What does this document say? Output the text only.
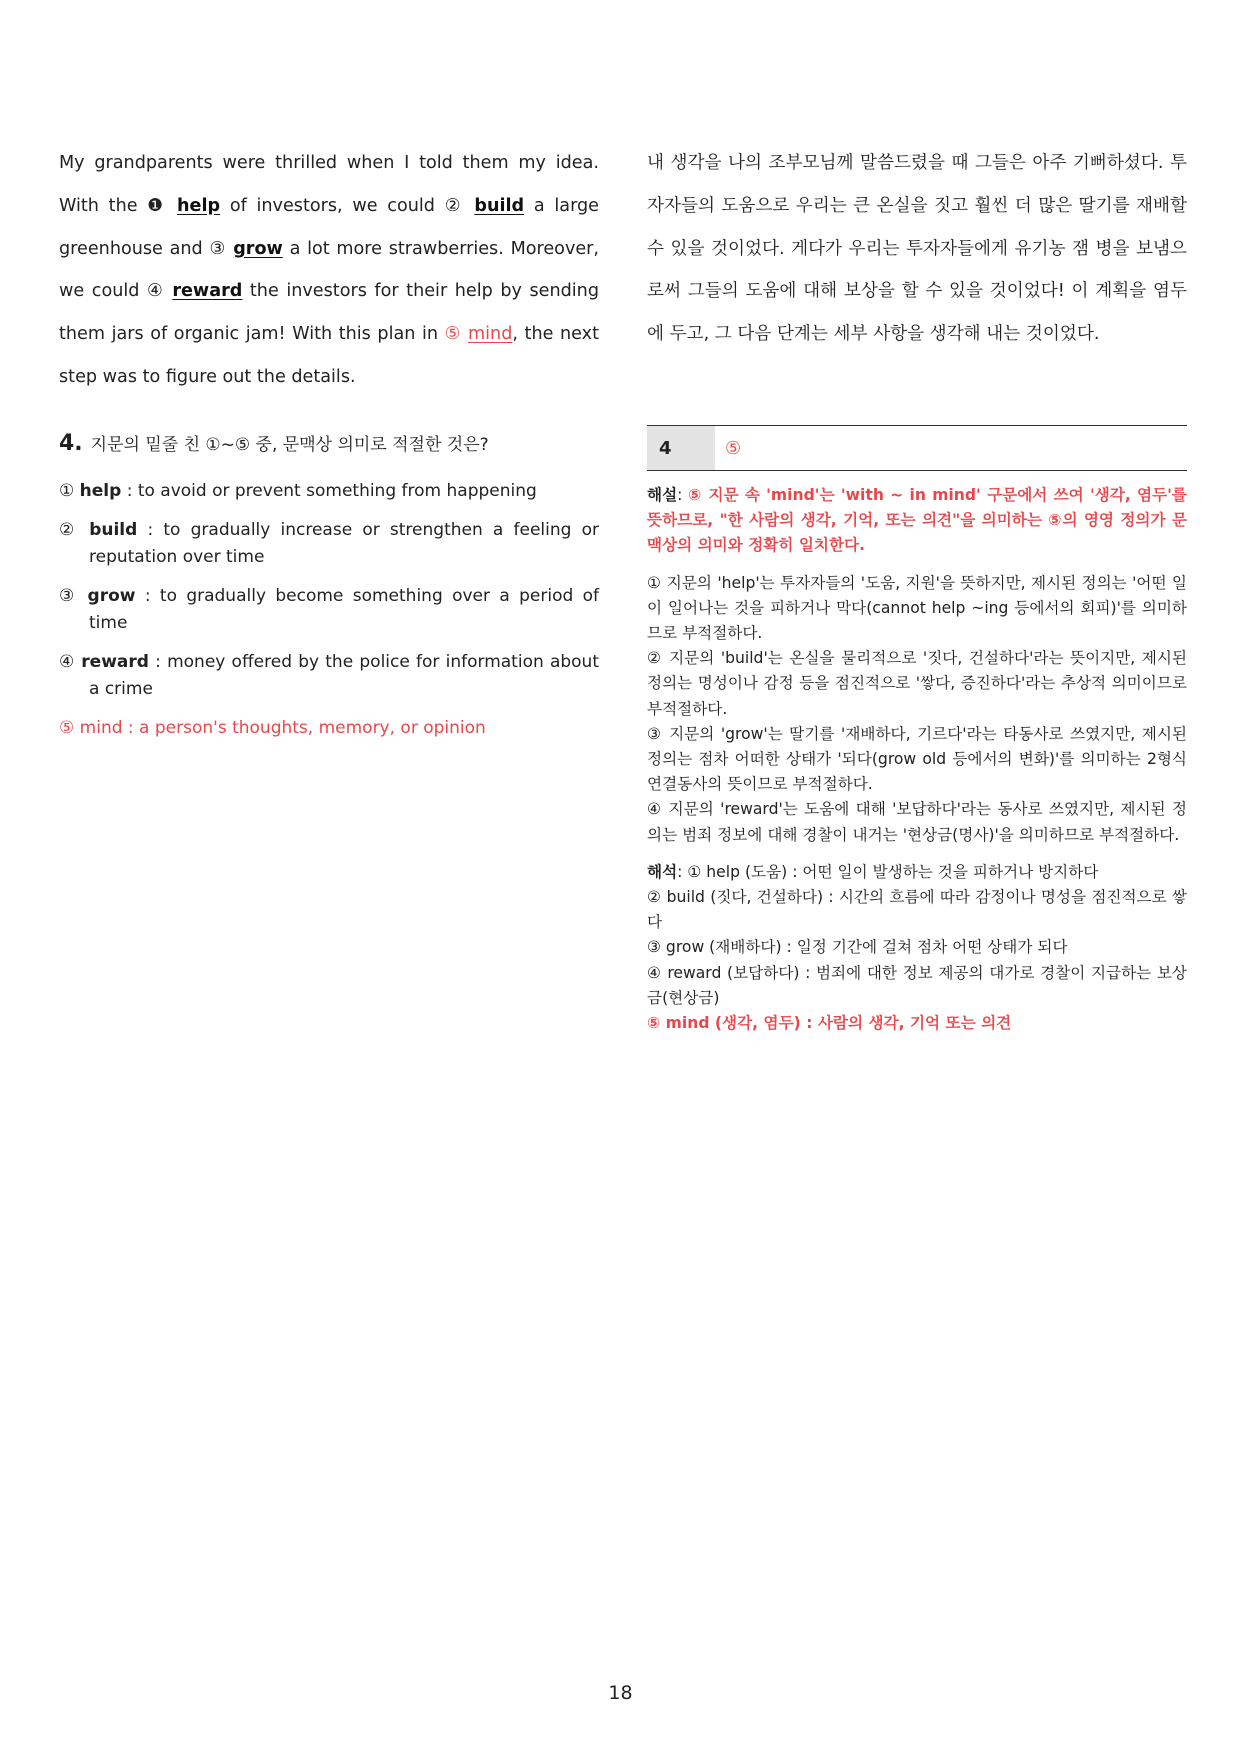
My grandparents were thrilled when I told them my idea. With the ❶ help of investors, we could ② build a large greenhouse and ③ grow a lot more strawberries. Moreover, we could ④ reward the investors for their help by sending them jars of organic jam! With this plan in ⑤ mind, the next step was to figure out the details.

내 생각을 나의 조부모님께 말씀드렸을 때 그들은 아주 기뻐하셨다. 투자자들의 도움으로 우리는 큰 온실을 짓고 훨씬 더 많은 딸기를 재배할 수 있을 것이었다. 게다가 우리는 투자자들에게 유기농 잼 병을 보냄으로써 그들의 도움에 대해 보상을 할 수 있을 것이었다! 이 계획을 염두에 두고, 그 다음 단계는 세부 사항을 생각해 내는 것이었다.

4. 지문의 밑줄 친 ①~⑤ 중, 문맥상 의미로 적절한 것은?

① help : to avoid or prevent something from happening

② build : to gradually increase or strengthen a feeling or reputation over time

③ grow : to gradually become something over a period of time

④ reward : money offered by the police for information about a crime

⑤ mind : a person's thoughts, memory, or opinion

4	⑤

해설: ⑤ 지문 속 'mind'는 'with ~ in mind' 구문에서 쓰여 '생각, 염두'를 뜻하므로, "한 사람의 생각, 기억, 또는 의견"을 의미하는 ⑤의 영영 정의가 문맥상의 의미와 정확히 일치한다.

① 지문의 'help'는 투자자들의 '도움, 지원'을 뜻하지만, 제시된 정의는 '어떤 일이 일어나는 것을 피하거나 막다(cannot help ~ing 등에서의 회피)'를 의미하므로 부적절하다.
② 지문의 'build'는 온실을 물리적으로 '짓다, 건설하다'라는 뜻이지만, 제시된 정의는 명성이나 감정 등을 점진적으로 '쌓다, 증진하다'라는 추상적 의미이므로 부적절하다.
③ 지문의 'grow'는 딸기를 '재배하다, 기르다'라는 타동사로 쓰였지만, 제시된 정의는 점차 어떠한 상태가 '되다(grow old 등에서의 변화)'를 의미하는 2형식 연결동사의 뜻이므로 부적절하다.
④ 지문의 'reward'는 도움에 대해 '보답하다'라는 동사로 쓰였지만, 제시된 정의는 범죄 정보에 대해 경찰이 내거는 '현상금(명사)'을 의미하므로 부적절하다.

해석: ① help (도움) : 어떤 일이 발생하는 것을 피하거나 방지하다
② build (짓다, 건설하다) : 시간의 흐름에 따라 감정이나 명성을 점진적으로 쌓다
③ grow (재배하다) : 일정 기간에 걸쳐 점차 어떤 상태가 되다
④ reward (보답하다) : 범죄에 대한 정보 제공의 대가로 경찰이 지급하는 보상금(현상금)
⑤ mind (생각, 염두) : 사람의 생각, 기억 또는 의견

18
